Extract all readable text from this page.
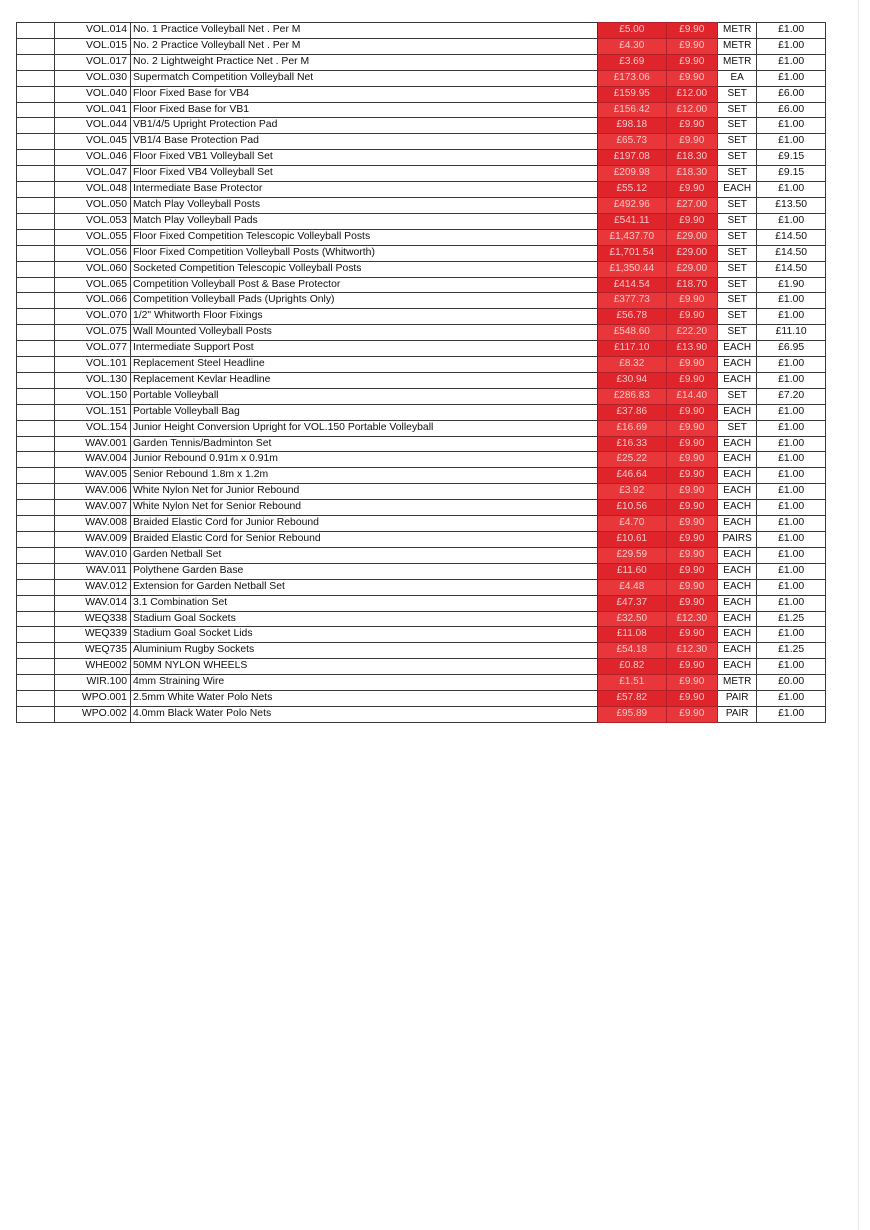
	VOL.014	No. 1 Practice Volleyball Net . Per M	£5.00	£9.90	METR	£1.00
	VOL.015	No. 2 Practice Volleyball Net . Per M	£4.30	£9.90	METR	£1.00
	VOL.017	No. 2 Lightweight Practice Net . Per M	£3.69	£9.90	METR	£1.00
	VOL.030	Supermatch Competition Volleyball Net	£173.06	£9.90	EA	£1.00
	VOL.040	Floor Fixed Base for VB4	£159.95	£12.00	SET	£6.00
	VOL.041	Floor Fixed Base for VB1	£156.42	£12.00	SET	£6.00
	VOL.044	VB1/4/5 Upright Protection Pad	£98.18	£9.90	SET	£1.00
	VOL.045	VB1/4 Base Protection Pad	£65.73	£9.90	SET	£1.00
	VOL.046	Floor Fixed VB1 Volleyball Set	£197.08	£18.30	SET	£9.15
	VOL.047	Floor Fixed VB4 Volleyball Set	£209.98	£18.30	SET	£9.15
	VOL.048	Intermediate Base Protector	£55.12	£9.90	EACH	£1.00
	VOL.050	Match Play Volleyball Posts	£492.96	£27.00	SET	£13.50
	VOL.053	Match Play Volleyball Pads	£541.11	£9.90	SET	£1.00
	VOL.055	Floor Fixed Competition Telescopic Volleyball Posts	£1,437.70	£29.00	SET	£14.50
	VOL.056	Floor Fixed Competition Volleyball Posts (Whitworth)	£1,701.54	£29.00	SET	£14.50
	VOL.060	Socketed Competition Telescopic Volleyball Posts	£1,350.44	£29.00	SET	£14.50
	VOL.065	Competition Volleyball Post & Base Protector	£414.54	£18.70	SET	£1.90
	VOL.066	Competition Volleyball Pads (Uprights Only)	£377.73	£9.90	SET	£1.00
	VOL.070	1/2" Whitworth Floor Fixings	£56.78	£9.90	SET	£1.00
	VOL.075	Wall Mounted Volleyball Posts	£548.60	£22.20	SET	£11.10
	VOL.077	Intermediate Support Post	£117.10	£13.90	EACH	£6.95
	VOL.101	Replacement Steel Headline	£8.32	£9.90	EACH	£1.00
	VOL.130	Replacement Kevlar Headline	£30.94	£9.90	EACH	£1.00
	VOL.150	Portable Volleyball	£286.83	£14.40	SET	£7.20
	VOL.151	Portable Volleyball Bag	£37.86	£9.90	EACH	£1.00
	VOL.154	Junior Height Conversion Upright for VOL.150 Portable Volleyball	£16.69	£9.90	SET	£1.00
	WAV.001	Garden Tennis/Badminton Set	£16.33	£9.90	EACH	£1.00
	WAV.004	Junior Rebound 0.91m x 0.91m	£25.22	£9.90	EACH	£1.00
	WAV.005	Senior Rebound 1.8m x 1.2m	£46.64	£9.90	EACH	£1.00
	WAV.006	White Nylon Net for Junior Rebound	£3.92	£9.90	EACH	£1.00
	WAV.007	White Nylon Net for Senior Rebound	£10.56	£9.90	EACH	£1.00
	WAV.008	Braided Elastic Cord for Junior Rebound	£4.70	£9.90	EACH	£1.00
	WAV.009	Braided Elastic Cord for Senior Rebound	£10.61	£9.90	PAIRS	£1.00
	WAV.010	Garden Netball Set	£29.59	£9.90	EACH	£1.00
	WAV.011	Polythene Garden Base	£11.60	£9.90	EACH	£1.00
	WAV.012	Extension for Garden Netball Set	£4.48	£9.90	EACH	£1.00
	WAV.014	3.1 Combination Set	£47.37	£9.90	EACH	£1.00
	WEQ338	Stadium Goal Sockets	£32.50	£12.30	EACH	£1.25
	WEQ339	Stadium Goal Socket Lids	£11.08	£9.90	EACH	£1.00
	WEQ735	Aluminium Rugby Sockets	£54.18	£12.30	EACH	£1.25
	WHE002	50MM NYLON WHEELS	£0.82	£9.90	EACH	£1.00
	WIR.100	4mm Straining Wire	£1.51	£9.90	METR	£0.00
	WPO.001	2.5mm White Water Polo Nets	£57.82	£9.90	PAIR	£1.00
	WPO.002	4.0mm Black Water Polo Nets	£95.89	£9.90	PAIR	£1.00
